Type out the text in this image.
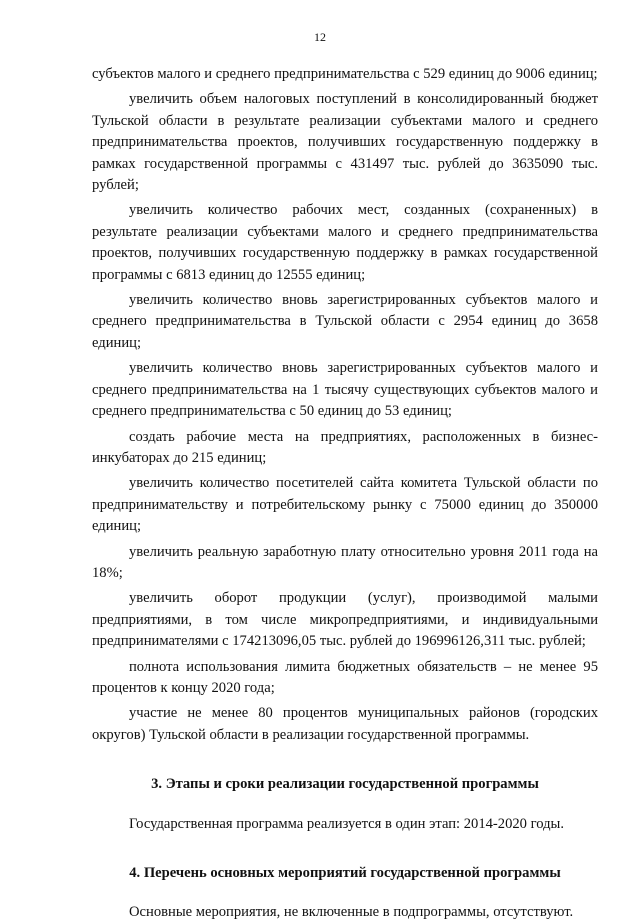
12

субъектов малого и среднего предпринимательства с 529 единиц до 9006 единиц;

увеличить объем налоговых поступлений в консолидированный бюджет Тульской области в результате реализации субъектами малого и среднего предпринимательства проектов, получивших государственную поддержку в рамках государственной программы с 431497 тыс. рублей до 3635090 тыс. рублей;

увеличить количество рабочих мест, созданных (сохраненных) в результате реализации субъектами малого и среднего предпринимательства проектов, получивших государственную поддержку в рамках государственной программы с 6813 единиц до 12555 единиц;

увеличить количество вновь зарегистрированных субъектов малого и среднего предпринимательства в Тульской области с 2954 единиц до 3658 единиц;

увеличить количество вновь зарегистрированных субъектов малого и среднего предпринимательства на 1 тысячу существующих субъектов малого и среднего предпринимательства с 50 единиц до 53 единиц;

создать рабочие места на предприятиях, расположенных в бизнес-инкубаторах до 215 единиц;

увеличить количество посетителей сайта комитета Тульской области по предпринимательству и потребительскому рынку с 75000 единиц до 350000 единиц;

увеличить реальную заработную плату относительно уровня 2011 года на 18%;

увеличить оборот продукции (услуг), производимой малыми предприятиями, в том числе микропредприятиями, и индивидуальными предпринимателями с 174213096,05 тыс. рублей до 196996126,311 тыс. рублей;

полнота использования лимита бюджетных обязательств – не менее 95 процентов к концу 2020 года;

участие не менее 80 процентов муниципальных районов (городских округов) Тульской области в реализации государственной программы.

3. Этапы и сроки реализации государственной программы

Государственная программа реализуется в один этап: 2014-2020 годы.

4. Перечень основных мероприятий государственной программы

Основные мероприятия, не включенные в подпрограммы, отсутствуют.
